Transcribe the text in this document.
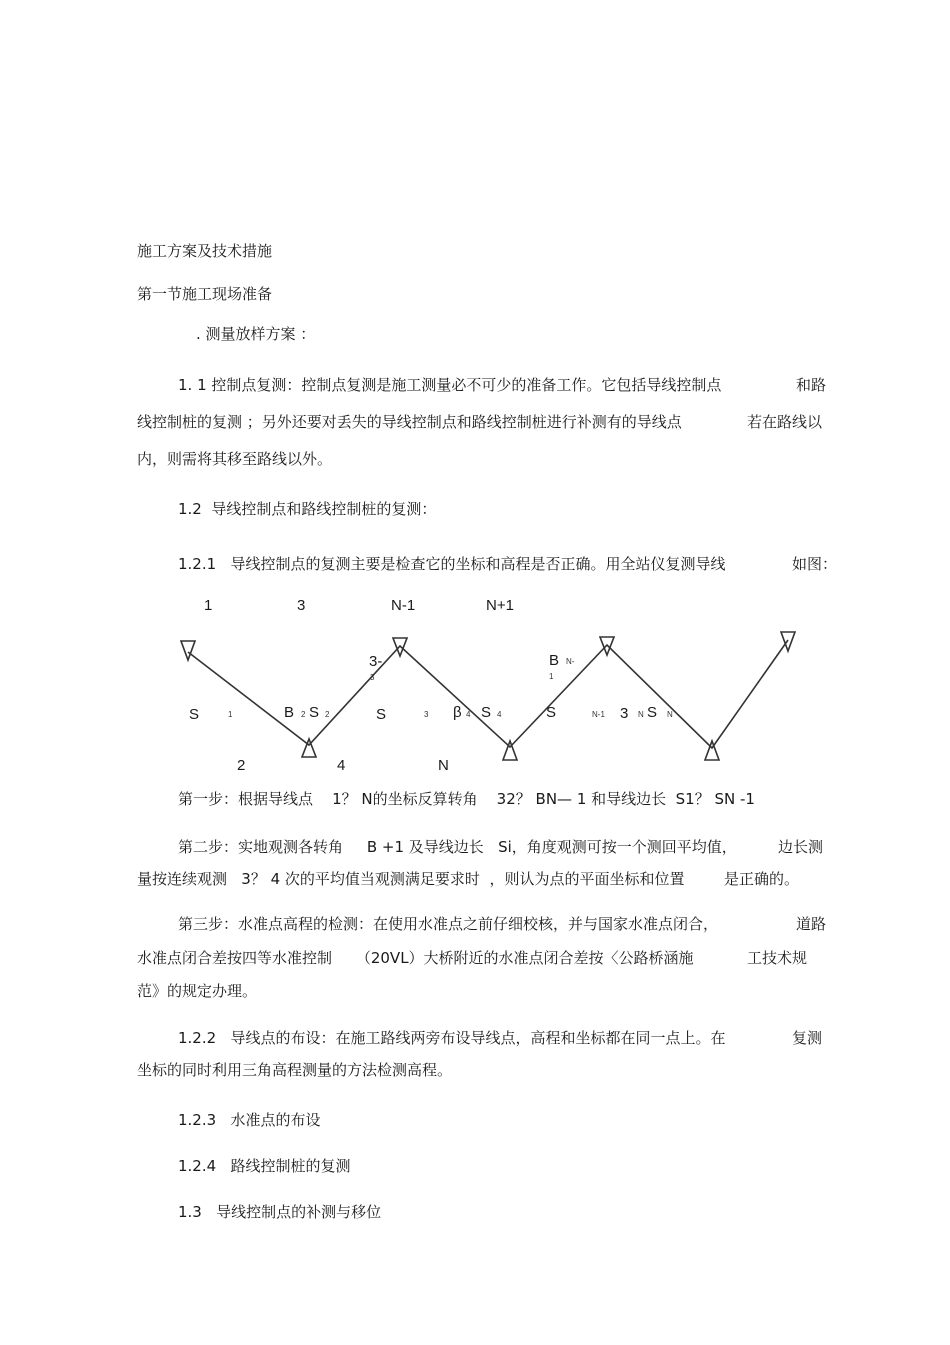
施工方案及技术措施
第一节施工现场准备
. 测量放样方案 ：
1. 1 控制点复测：控制点复测是施工测量必不可少的准备工作。它包括导线控制点	和路
线控制桩的复测 ；另外还要对丢失的导线控制点和路线控制桩进行补测有的导线点	若在路线以
内，则需将其移至路线以外。
1.2  导线控制点和路线控制桩的复测：
1.2.1   导线控制点的复测主要是检查它的坐标和高程是否正确。用全站仪复测导线	如图：
1	3	N-1	N+1
3-
3
B N-
1
S	1	B 2 S 2	S	3 β 4 S 4	S	N-1 3 N S N
2	4	N
第一步：根据导线点    1？ N的坐标反算转角    32？ BN— 1 和导线边长  S1？ SN -1
第二步：实地观测各转角     B +1 及导线边长   Si，角度观测可按一个测回平均值，	边长测
量按连续观测   3？ 4 次的平均值当观测满足要求时  ，则认为点的平面坐标和位置	是正确的。
第三步：水准点高程的检测：在使用水准点之前仔细校核，并与国家水准点闭合，	道路
水准点闭合差按四等水准控制     （20VL）大桥附近的水准点闭合差按〈公路桥涵施	工技术规
范》的规定办理。
1.2.2   导线点的布设：在施工路线两旁布设导线点，高程和坐标都在同一点上。在	复测
坐标的同时利用三角高程测量的方法检测高程。
1.2.3   水准点的布设
1.2.4   路线控制桩的复测
1.3   导线控制点的补测与移位
